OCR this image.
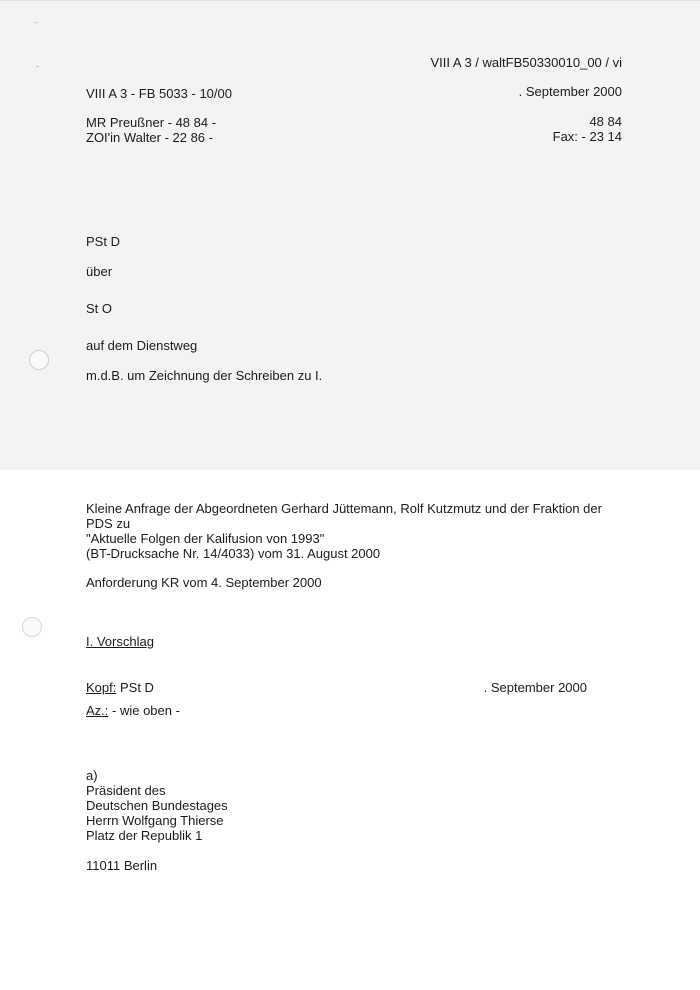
VIII A 3 / waltFB50330010_00 / vi
VIII A 3 - FB 5033 - 10/00	. September 2000
MR Preußner - 48 84 -
ZOI'in Walter - 22 86 -
48 84
Fax: - 23 14
PSt D
über
St O
auf dem Dienstweg
m.d.B. um Zeichnung der Schreiben zu I.
Kleine Anfrage der Abgeordneten Gerhard Jüttemann, Rolf Kutzmutz und der Fraktion der
PDS zu
"Aktuelle Folgen der Kalifusion von 1993"
(BT-Drucksache Nr. 14/4033) vom 31. August 2000
Anforderung KR vom 4. September 2000
I. Vorschlag
Kopf: PSt D	. September 2000
Az.: - wie oben -
a)
Präsident des
Deutschen Bundestages
Herrn Wolfgang Thierse
Platz der Republik 1
11011 Berlin
